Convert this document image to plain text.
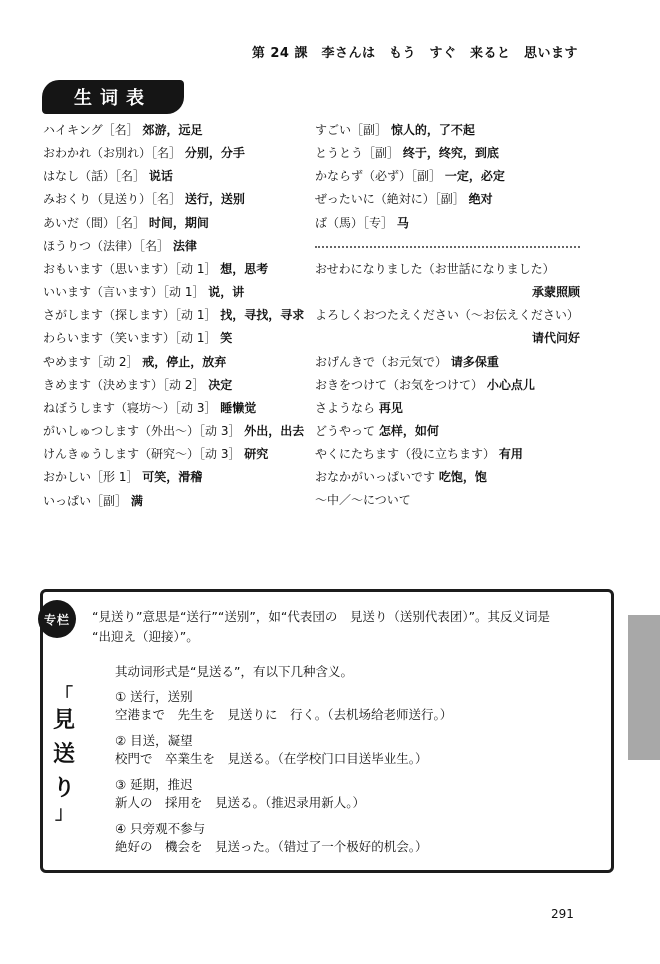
第 24 課　李さんは　もう　すぐ　来ると　思います
生词表
ハイキング［名］ 郊游，远足
おわかれ（お別れ）［名］ 分别，分手
はなし（話）［名］ 说话
みおくり（見送り）［名］ 送行，送别
あいだ（間）［名］ 时间，期间
ほうりつ（法律）［名］ 法律
おもいます（思います）［动 1］ 想，思考
いいます（言います）［动 1］ 说，讲
さがします（探します）［动 1］ 找，寻找，寻求
わらいます（笑います）［动 1］ 笑
やめます［动 2］ 戒，停止，放弃
きめます（決めます）［动 2］ 决定
ねぼうします（寝坊～）［动 3］ 睡懒觉
がいしゅつします（外出～）［动 3］ 外出，出去
けんきゅうします（研究～）［动 3］ 研究
おかしい［形 1］ 可笑，滑稽
いっぱい［副］ 满
すごい［副］ 惊人的，了不起
とうとう［副］ 终于，终究，到底
かならず（必ず）［副］ 一定，必定
ぜったいに（絶対に）［副］ 绝对
ば（馬）［专］ 马
おせわになりました（お世話になりました）
承蒙照顾
よろしくおつたえください（～お伝えください）
请代问好
おげんきで（お元気で） 请多保重
おきをつけて（お気をつけて） 小心点儿
さようなら 再见
どうやって 怎样，如何
やくにたちます（役に立ちます） 有用
おなかがいっぱいです 吃饱，饱
～中／～について
专栏	“見送り”意思是“送行”“送别”，如“代表団の　見送り（送别代表团）”。其反义词是
“出迎え（迎接）”。
其动词形式是“見送る”，有以下几种含义。
「
見
送
り
」
① 送行，送别
空港まで　先生を　見送りに　行く。（去机场给老师送行。）
② 目送，凝望
校門で　卒業生を　見送る。（在学校门口目送毕业生。）
③ 延期，推迟
新人の　採用を　見送る。（推迟录用新人。）
④ 只旁观不参与
絶好の　機会を　見送った。（错过了一个极好的机会。）
291
